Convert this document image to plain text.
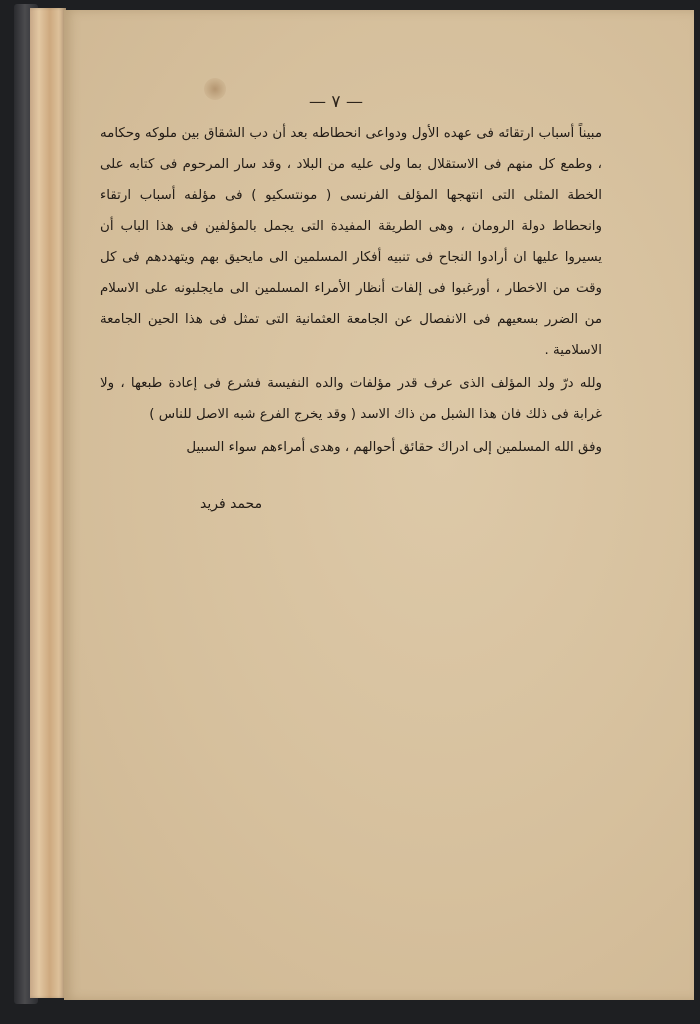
— ٧ —

مبيناً أسباب ارتقائه فى عهده الأول ودواعى انحطاطه بعد أن دب الشقاق بين ملوكه وحكامه ، وطمع كل منهم فى الاستقلال بما ولى عليه من البلاد ، وقد سار المرحوم فى كتابه على الخطة المثلى التى انتهجها المؤلف الفرنسى ( مونتسكيو ) فى مؤلفه أسباب ارتقاء وانحطاط دولة الرومان ، وهى الطريقة المفيدة التى يجمل بالمؤلفين فى هذا الباب أن يسيروا عليها ان أرادوا النجاح فى تنبيه أفكار المسلمين الى مايحيق بهم ويتهددهم فى كل وقت من الاخطار ، أورغبوا فى إلفات أنظار الأمراء المسلمين الى مايجلبونه على الاسلام من الضرر بسعيهم فى الانفصال عن الجامعة العثمانية التى تمثل فى هذا الحين الجامعة الاسلامية .

ولله درّ ولد المؤلف الذى عرف قدر مؤلفات والده النفيسة فشرع فى إعادة طبعها ، ولا غرابة فى ذلك فان هذا الشبل من ذاك الاسد ( وقد يخرج الفرع شبه الاصل للناس )

وفق الله المسلمين إلى ادراك حقائق أحوالهم ، وهدى أمراءهم سواء السبيل

محمد فريد
